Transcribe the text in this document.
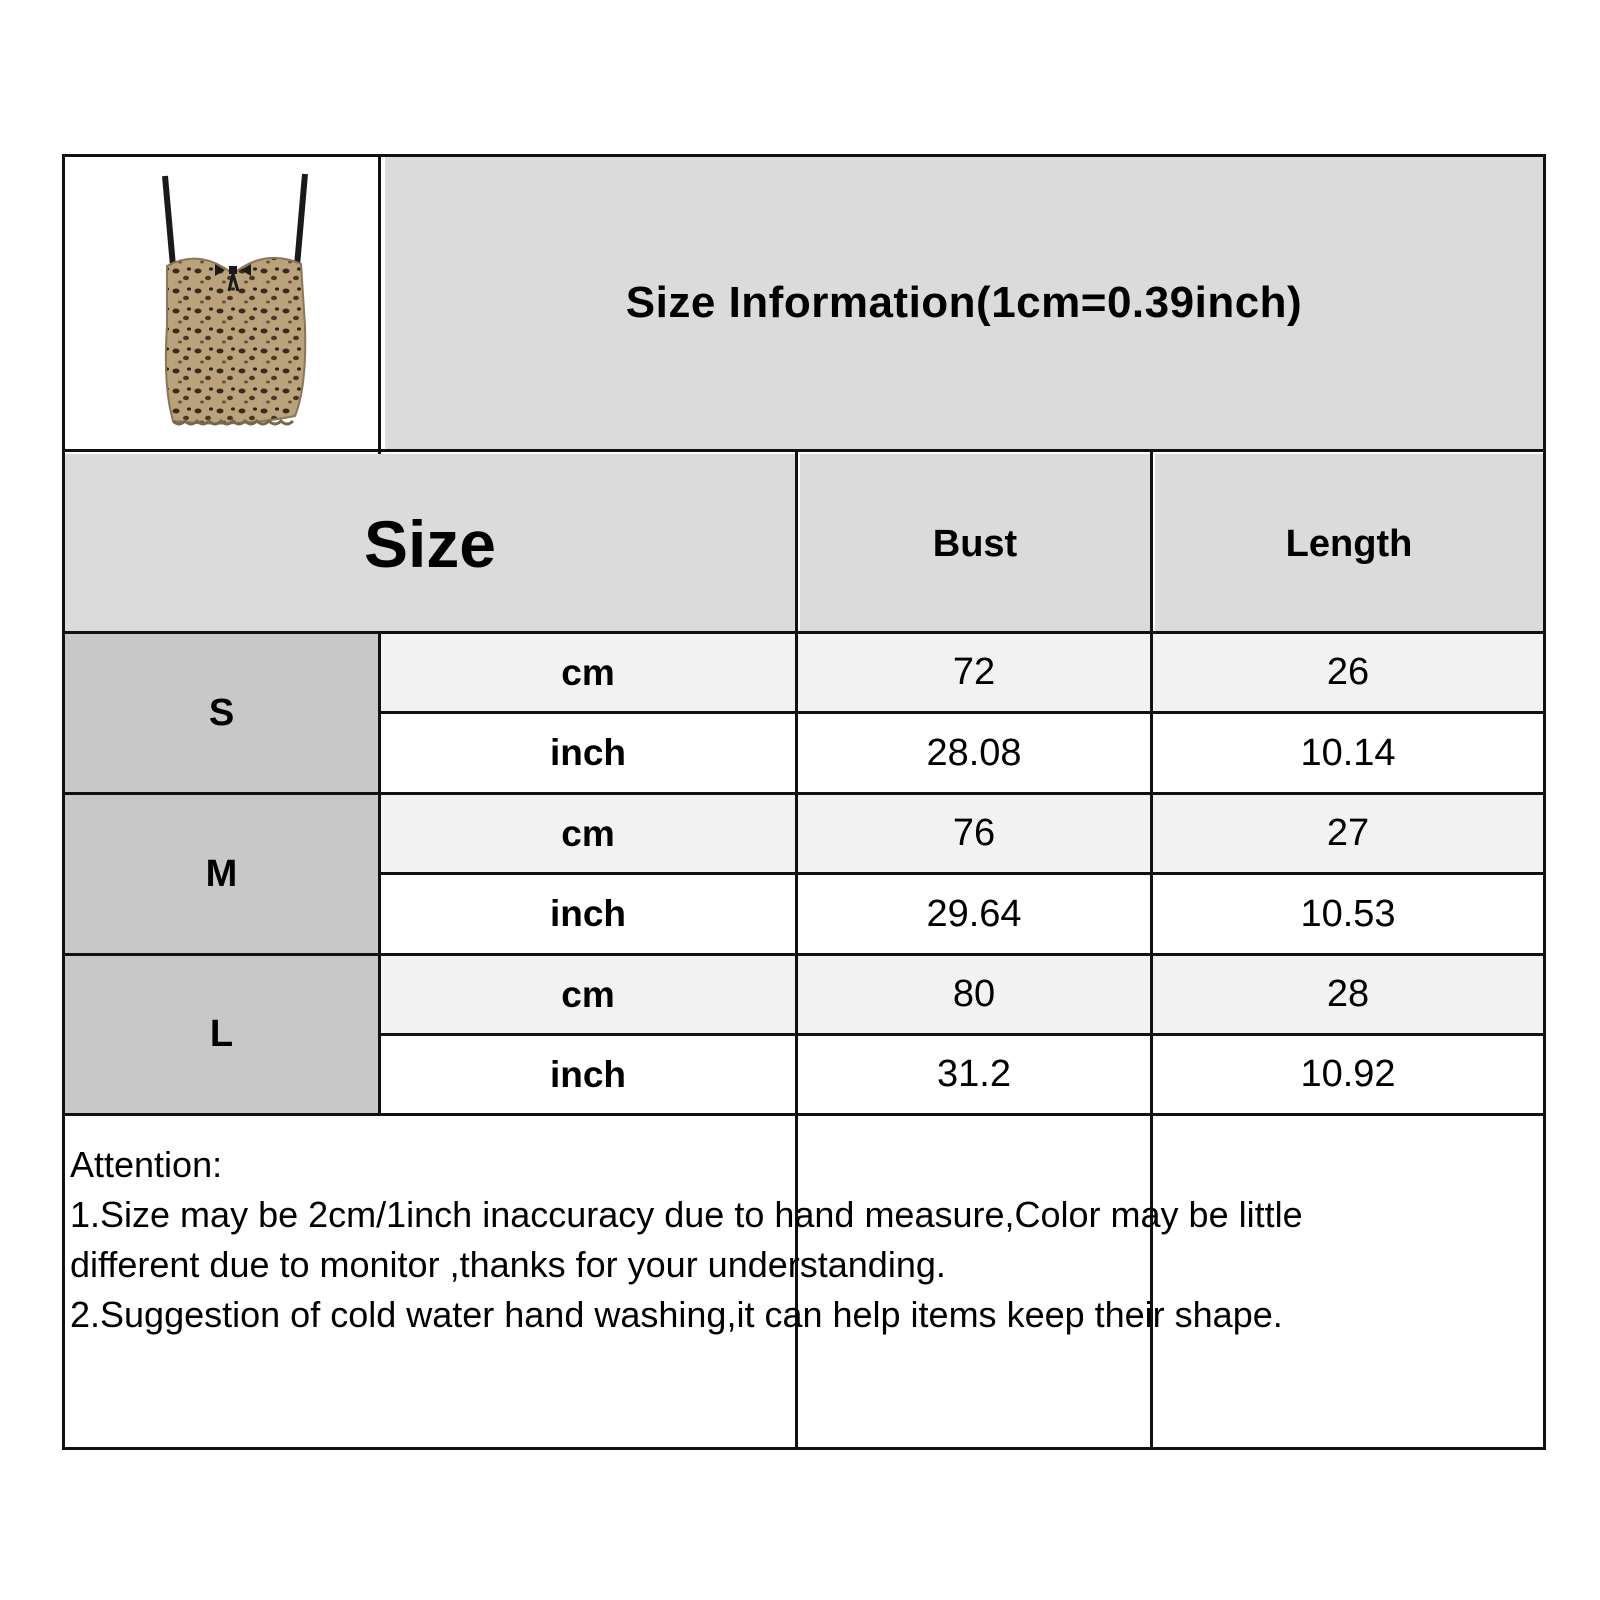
Size Information(1cm=0.39inch)
Size	Bust	Length
S
cm	72	26
inch	28.08	10.14
M
cm	76	27
inch	29.64	10.53
L
cm	80	28
inch	31.2	10.92
Attention:
1.Size may be 2cm/1inch inaccuracy due to hand measure,Color may be little
different due to monitor ,thanks for your understanding.
2.Suggestion of cold water hand washing,it can help items keep their shape.
